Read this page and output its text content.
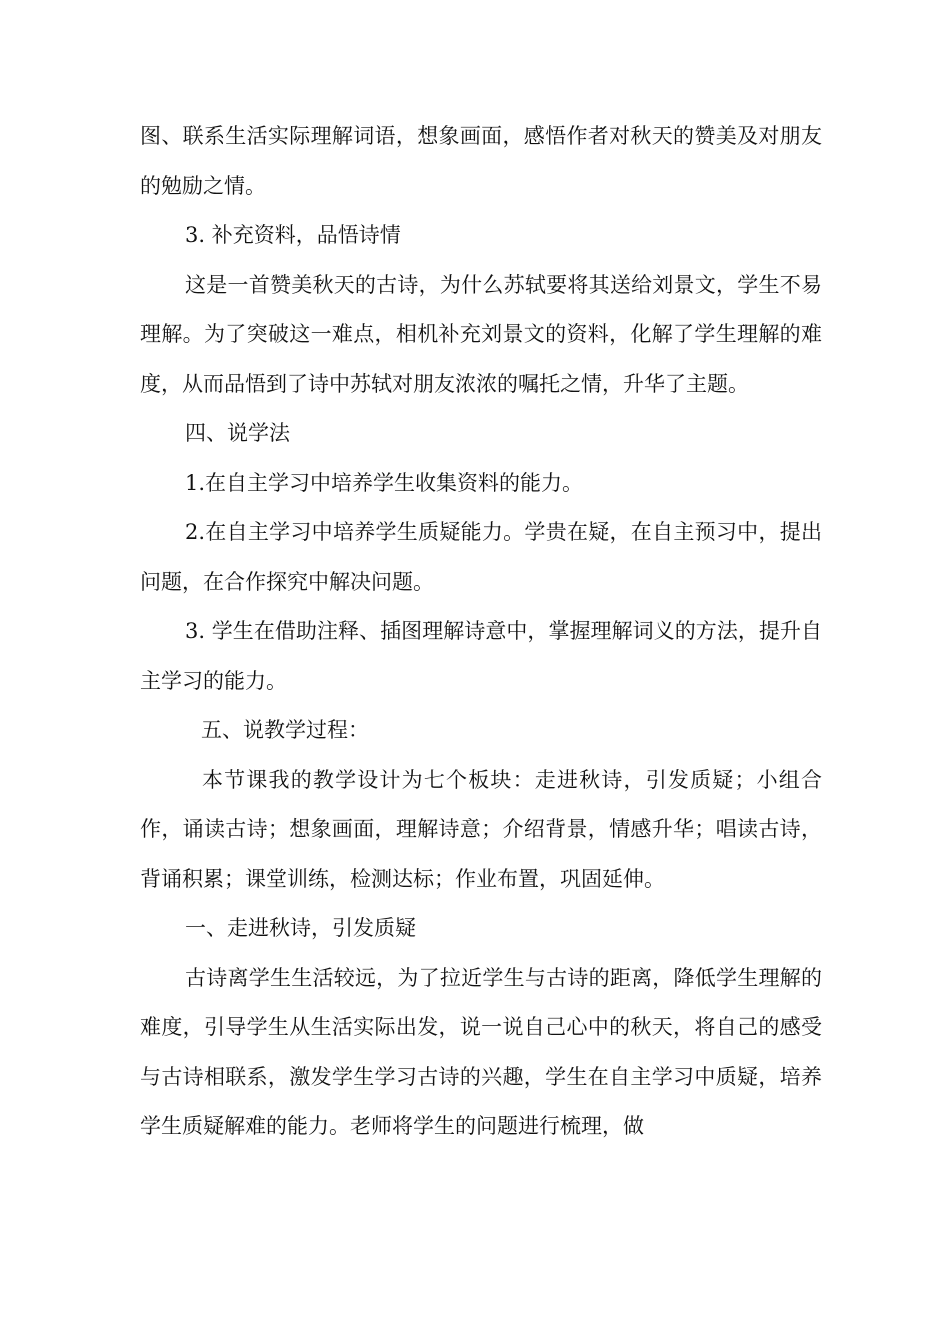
图、联系生活实际理解词语，想象画面，感悟作者对秋天的赞美及对朋友的勉励之情。

3. 补充资料，品悟诗情

这是一首赞美秋天的古诗，为什么苏轼要将其送给刘景文，学生不易理解。为了突破这一难点，相机补充刘景文的资料，化解了学生理解的难度，从而品悟到了诗中苏轼对朋友浓浓的嘱托之情，升华了主题。

四、说学法

1.在自主学习中培养学生收集资料的能力。

2.在自主学习中培养学生质疑能力。学贵在疑，在自主预习中，提出问题，在合作探究中解决问题。

3. 学生在借助注释、插图理解诗意中，掌握理解词义的方法，提升自主学习的能力。

五、说教学过程：

本节课我的教学设计为七个板块：走进秋诗，引发质疑；小组合作，诵读古诗；想象画面，理解诗意；介绍背景，情感升华；唱读古诗，背诵积累；课堂训练，检测达标；作业布置，巩固延伸。

一、走进秋诗，引发质疑

古诗离学生生活较远，为了拉近学生与古诗的距离，降低学生理解的难度，引导学生从生活实际出发，说一说自己心中的秋天，将自己的感受与古诗相联系，激发学生学习古诗的兴趣，学生在自主学习中质疑，培养学生质疑解难的能力。老师将学生的问题进行梳理，做
